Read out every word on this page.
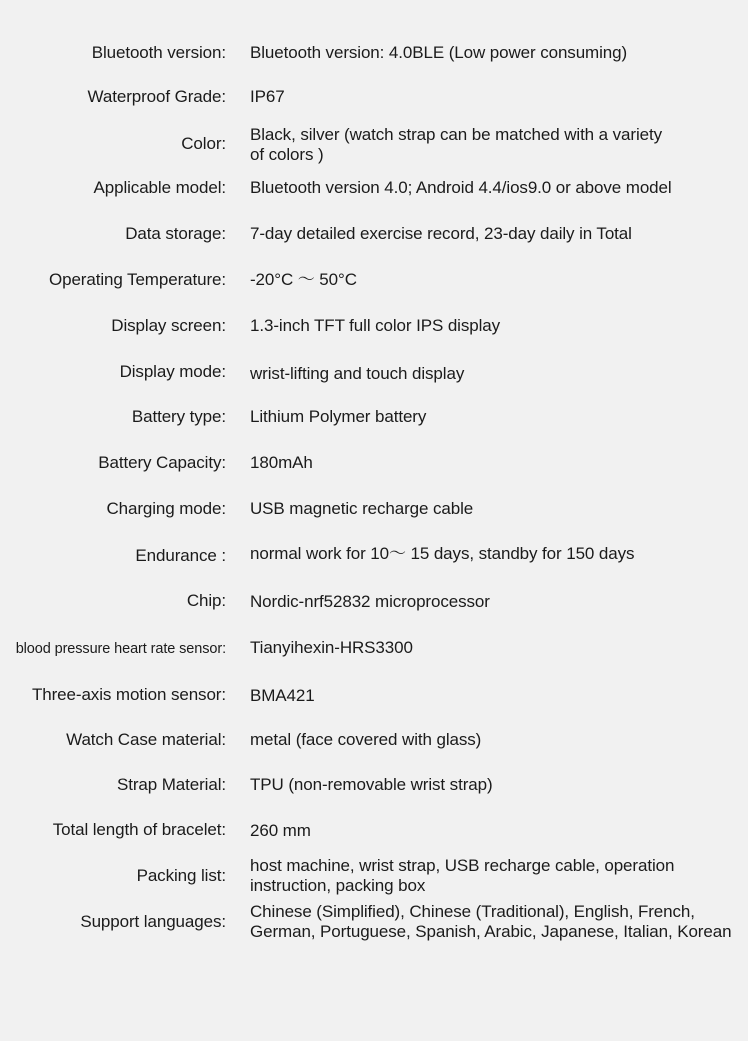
Bluetooth version: Bluetooth version: 4.0BLE (Low power consuming)
Waterproof Grade: IP67
Color: Black, silver (watch strap can be matched with a variety
of colors )
Applicable model: Bluetooth version 4.0; Android 4.4/ios9.0 or above model
Data storage: 7-day detailed exercise record, 23-day daily in Total
Operating Temperature: -20°C ～ 50°C
Display screen: 1.3-inch TFT full color IPS display
Display mode: wrist-lifting and touch display
Battery type: Lithium Polymer battery
Battery Capacity: 180mAh
Charging mode: USB magnetic recharge cable
Endurance : normal work for 10～ 15 days, standby for 150 days
Chip: Nordic-nrf52832 microprocessor
blood pressure heart rate sensor: Tianyihexin-HRS3300
Three-axis motion sensor: BMA421
Watch Case material: metal (face covered with glass)
Strap Material: TPU (non-removable wrist strap)
Total length of bracelet: 260 mm
Packing list:
host machine, wrist strap, USB recharge cable, operation
instruction, packing box
Support languages:
Chinese (Simplified), Chinese (Traditional), English, French,
German, Portuguese, Spanish, Arabic, Japanese, Italian, Korean
